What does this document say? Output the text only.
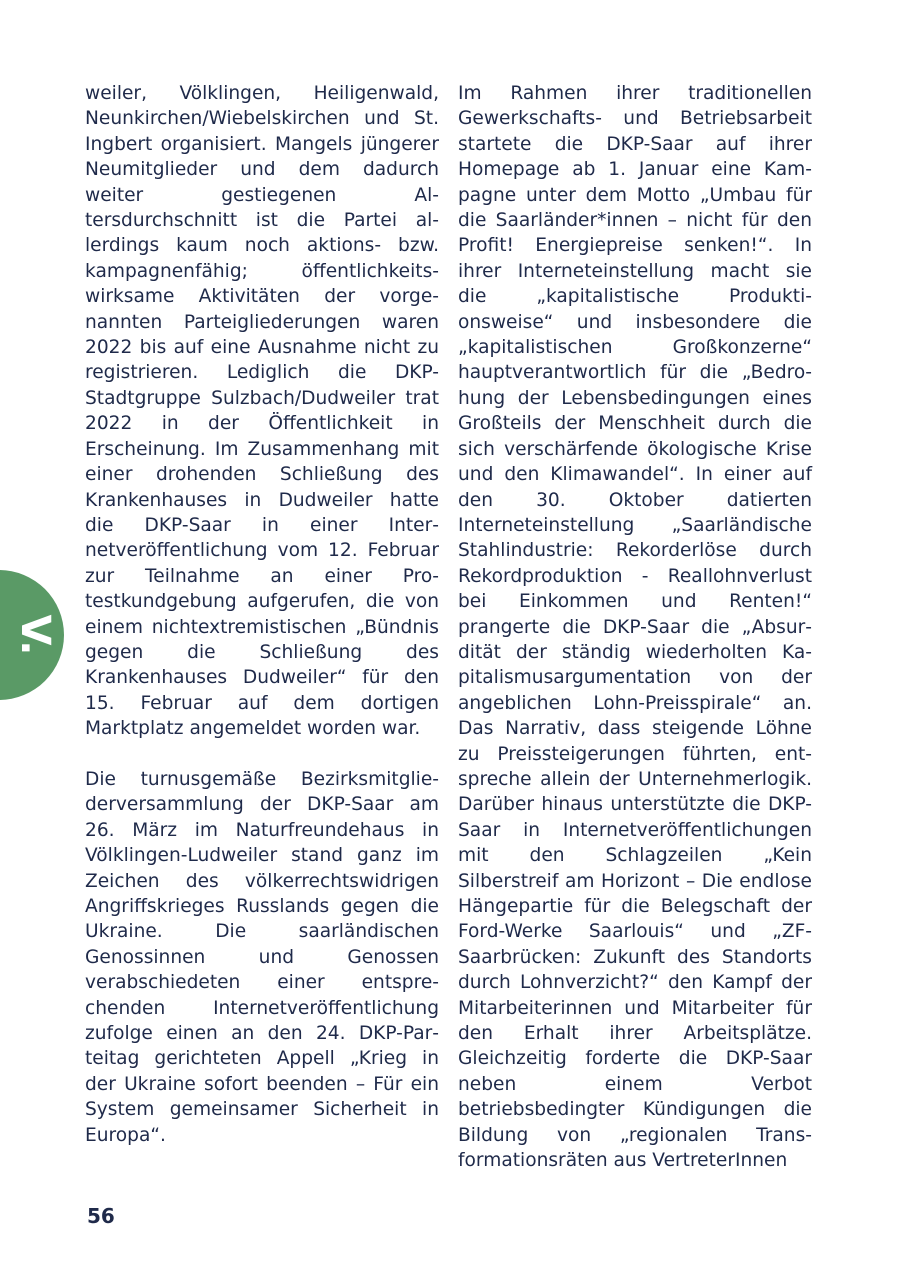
V.

weiler, Völklingen, Heiligenwald, Neunkirchen/Wiebelskirchen und St. Ingbert organisiert. Mangels jüngerer Neumitglieder und dem dadurch weiter gestiegenen Altersdurchschnitt ist die Partei allerdings kaum noch aktions- bzw. kampagnenfähig; öffentlichkeitswirksame Aktivitäten der vorgenannten Parteigliederungen waren 2022 bis auf eine Ausnahme nicht zu registrieren. Lediglich die DKP-Stadtgruppe Sulzbach/Dudweiler trat 2022 in der Öffentlichkeit in Erscheinung. Im Zusammenhang mit einer drohenden Schließung des Krankenhauses in Dudweiler hatte die DKP-Saar in einer Internetveröffentlichung vom 12. Februar zur Teilnahme an einer Protestkundgebung aufgerufen, die von einem nichtextremistischen „Bündnis gegen die Schließung des Krankenhauses Dudweiler“ für den 15. Februar auf dem dortigen Marktplatz angemeldet worden war.

Die turnusgemäße Bezirksmitgliederversammlung der DKP-Saar am 26. März im Naturfreundehaus in Völklingen-Ludweiler stand ganz im Zeichen des völkerrechtswidrigen Angriffskrieges Russlands gegen die Ukraine. Die saarländischen Genossinnen und Genossen verabschiedeten einer entsprechenden Internetveröffentlichung zufolge einen an den 24. DKP-Parteitag gerichteten Appell „Krieg in der Ukraine sofort beenden – Für ein System gemeinsamer Sicherheit in Europa“.

Im Rahmen ihrer traditionellen Gewerkschafts- und Betriebsarbeit startete die DKP-Saar auf ihrer Homepage ab 1. Januar eine Kampagne unter dem Motto „Umbau für die Saarländer*innen – nicht für den Profit! Energiepreise senken!“. In ihrer Interneteinstellung macht sie die „kapitalistische Produktionsweise“ und insbesondere die „kapitalistischen Großkonzerne“ hauptverantwortlich für die „Bedrohung der Lebensbedingungen eines Großteils der Menschheit durch die sich verschärfende ökologische Krise und den Klimawandel“. In einer auf den 30. Oktober datierten Interneteinstellung „Saarländische Stahlindustrie: Rekorderlöse durch Rekordproduktion - Reallohnverlust bei Einkommen und Renten!“ prangerte die DKP-Saar die „Absurdität der ständig wiederholten Kapitalismusargumentation von der angeblichen Lohn-Preisspirale“ an. Das Narrativ, dass steigende Löhne zu Preissteigerungen führten, entspreche allein der Unternehmerlogik. Darüber hinaus unterstützte die DKP-Saar in Internetveröffentlichungen mit den Schlagzeilen „Kein Silberstreif am Horizont – Die endlose Hängepartie für die Belegschaft der Ford-Werke Saarlouis“ und „ZF-Saarbrücken: Zukunft des Standorts durch Lohnverzicht?“ den Kampf der Mitarbeiterinnen und Mitarbeiter für den Erhalt ihrer Arbeitsplätze. Gleichzeitig forderte die DKP-Saar neben einem Verbot betriebsbedingter Kündigungen die Bildung von „regionalen Transformationsräten aus VertreterInnen

56
